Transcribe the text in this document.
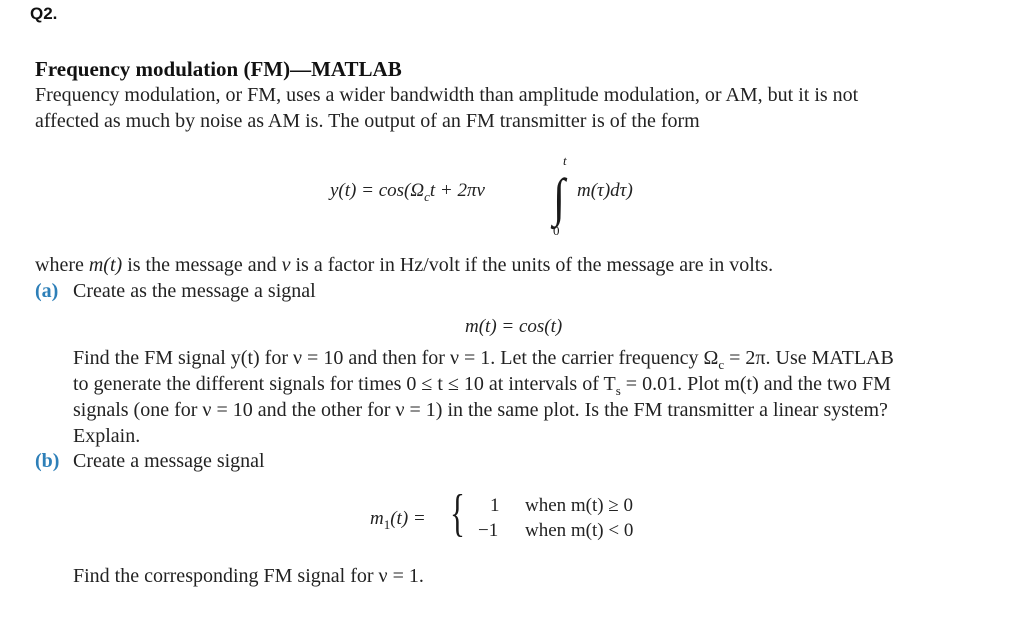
Q2.
Frequency modulation (FM)—MATLAB
Frequency modulation, or FM, uses a wider bandwidth than amplitude modulation, or AM, but it is not
affected as much by noise as AM is. The output of an FM transmitter is of the form
$y(t) = \cos(\Omega_ct + 2\pi\nu$ ∫
t
0
m(τ)dτ)
where m(t) is the message and ν is a factor in Hz/volt if the units of the message are in volts.
(a) Create as the message a signal
m(t) = cos(t)
Find the FM signal y(t) for ν = 10 and then for ν = 1. Let the carrier frequency $\Omega_c = 2\pi$. Use MATLAB
to generate the different signals for times 0 ≤ t ≤ 10 at intervals of $T_s = 0.01$. Plot m(t) and the two FM
signals (one for ν = 10 and the other for ν = 1) in the same plot. Is the FM transmitter a linear system?
Explain.
(b) Create a message signal
$m_1(t)$ = { 1 when m(t) ≥ 0
−1 when m(t) < 0
Find the corresponding FM signal for ν = 1.
